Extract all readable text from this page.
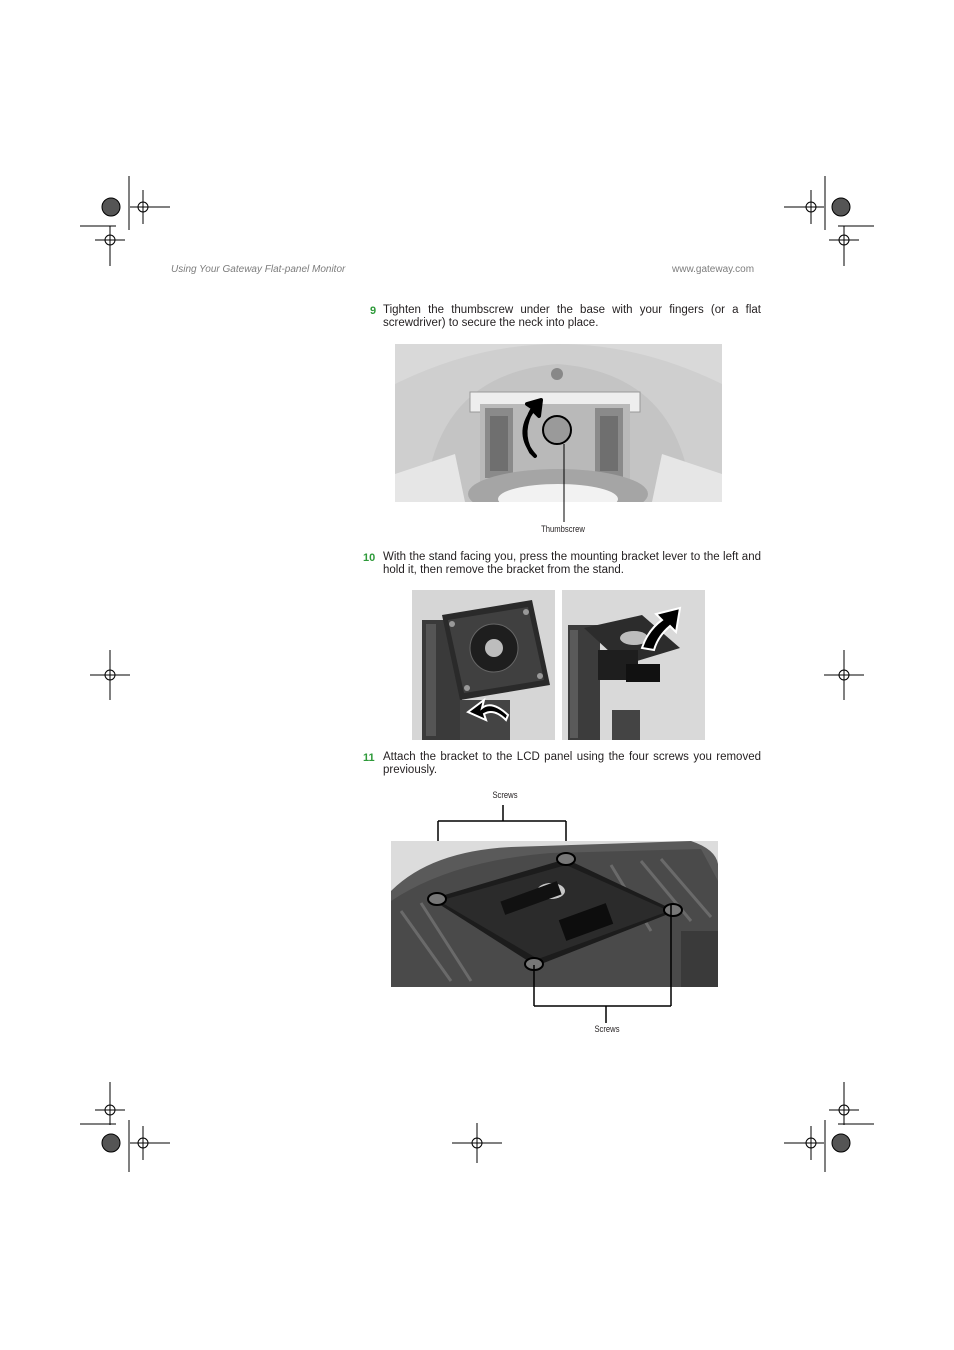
Using Your Gateway Flat-panel Monitor	www.gateway.com
9 Tighten the thumbscrew under the base with your fingers (or a flat screwdriver) to secure the neck into place.
Thumbscrew
10 With the stand facing you, press the mounting bracket lever to the left and hold it, then remove the bracket from the stand.
11 Attach the bracket to the LCD panel using the four screws you removed previously.
Screws
Screws
